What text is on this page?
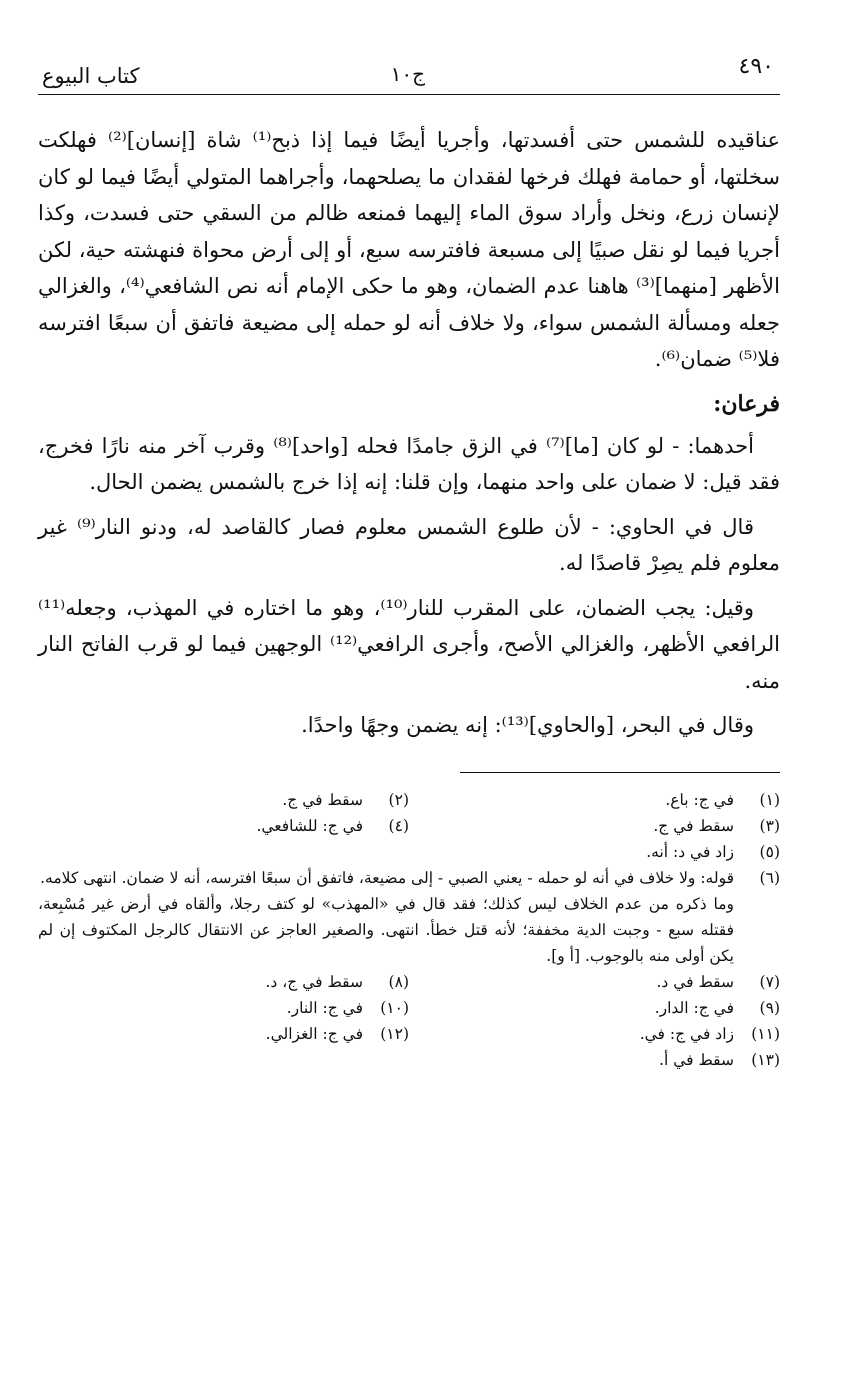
٤٩٠
ج١٠
كتاب البيوع

عناقيده للشمس حتى أفسدتها، وأجريا أيضًا فيما إذا ذبح⁽¹⁾ شاة [إنسان]⁽²⁾ فهلكت سخلتها، أو حمامة فهلك فرخها لفقدان ما يصلحهما، وأجراهما المتولي أيضًا فيما لو كان لإنسان زرع، ونخل وأراد سوق الماء إليهما فمنعه ظالم من السقي حتى فسدت، وكذا أجريا فيما لو نقل صبيًا إلى مسبعة فافترسه سبع، أو إلى أرض محواة فنهشته حية، لكن الأظهر [منهما]⁽³⁾ هاهنا عدم الضمان، وهو ما حكى الإمام أنه نص الشافعي⁽⁴⁾، والغزالي جعله ومسألة الشمس سواء، ولا خلاف أنه لو حمله إلى مضيعة فاتفق أن سبعًا افترسه فلا⁽⁵⁾ ضمان⁽⁶⁾.

فرعان:

أحدهما: - لو كان [ما]⁽⁷⁾ في الزق جامدًا فحله [واحد]⁽⁸⁾ وقرب آخر منه نارًا فخرج، فقد قيل: لا ضمان على واحد منهما، وإن قلنا: إنه إذا خرج بالشمس يضمن الحال.

قال في الحاوي: - لأن طلوع الشمس معلوم فصار كالقاصد له، ودنو النار⁽⁹⁾ غير معلوم فلم يصِرْ قاصدًا له.

وقيل: يجب الضمان، على المقرب للنار⁽¹⁰⁾، وهو ما اختاره في المهذب، وجعله⁽¹¹⁾ الرافعي الأظهر، والغزالي الأصح، وأجرى الرافعي⁽¹²⁾ الوجهين فيما لو قرب الفاتح النار منه.

وقال في البحر، [والحاوي]⁽¹³⁾: إنه يضمن وجهًا واحدًا.

(١)
في ج: باع.
(٢)
سقط في ج.
(٣)
سقط في ج.
(٤)
في ج: للشافعي.
(٥)
زاد في د: أنه.
(٦)
قوله: ولا خلاف في أنه لو حمله - يعني الصبي - إلى مضيعة، فاتفق أن سبعًا افترسه، أنه لا ضمان. انتهى كلامه.
وما ذكره من عدم الخلاف ليس كذلك؛ فقد قال في «المهذب» لو كتف رجلا، وألقاه في أرض غير مُسْبِعة، فقتله سبع - وجبت الدية مخففة؛ لأنه قتل خطأ. انتهى. والصغير العاجز عن الانتقال كالرجل المكتوف إن لم يكن أولى منه بالوجوب. [أ و].
(٧)
سقط في د.
(٨)
سقط في ج، د.
(٩)
في ج: الدار.
(١٠)
في ج: النار.
(١١)
زاد في ج: في.
(١٢)
في ج: الغزالي.
(١٣)
سقط في أ.
